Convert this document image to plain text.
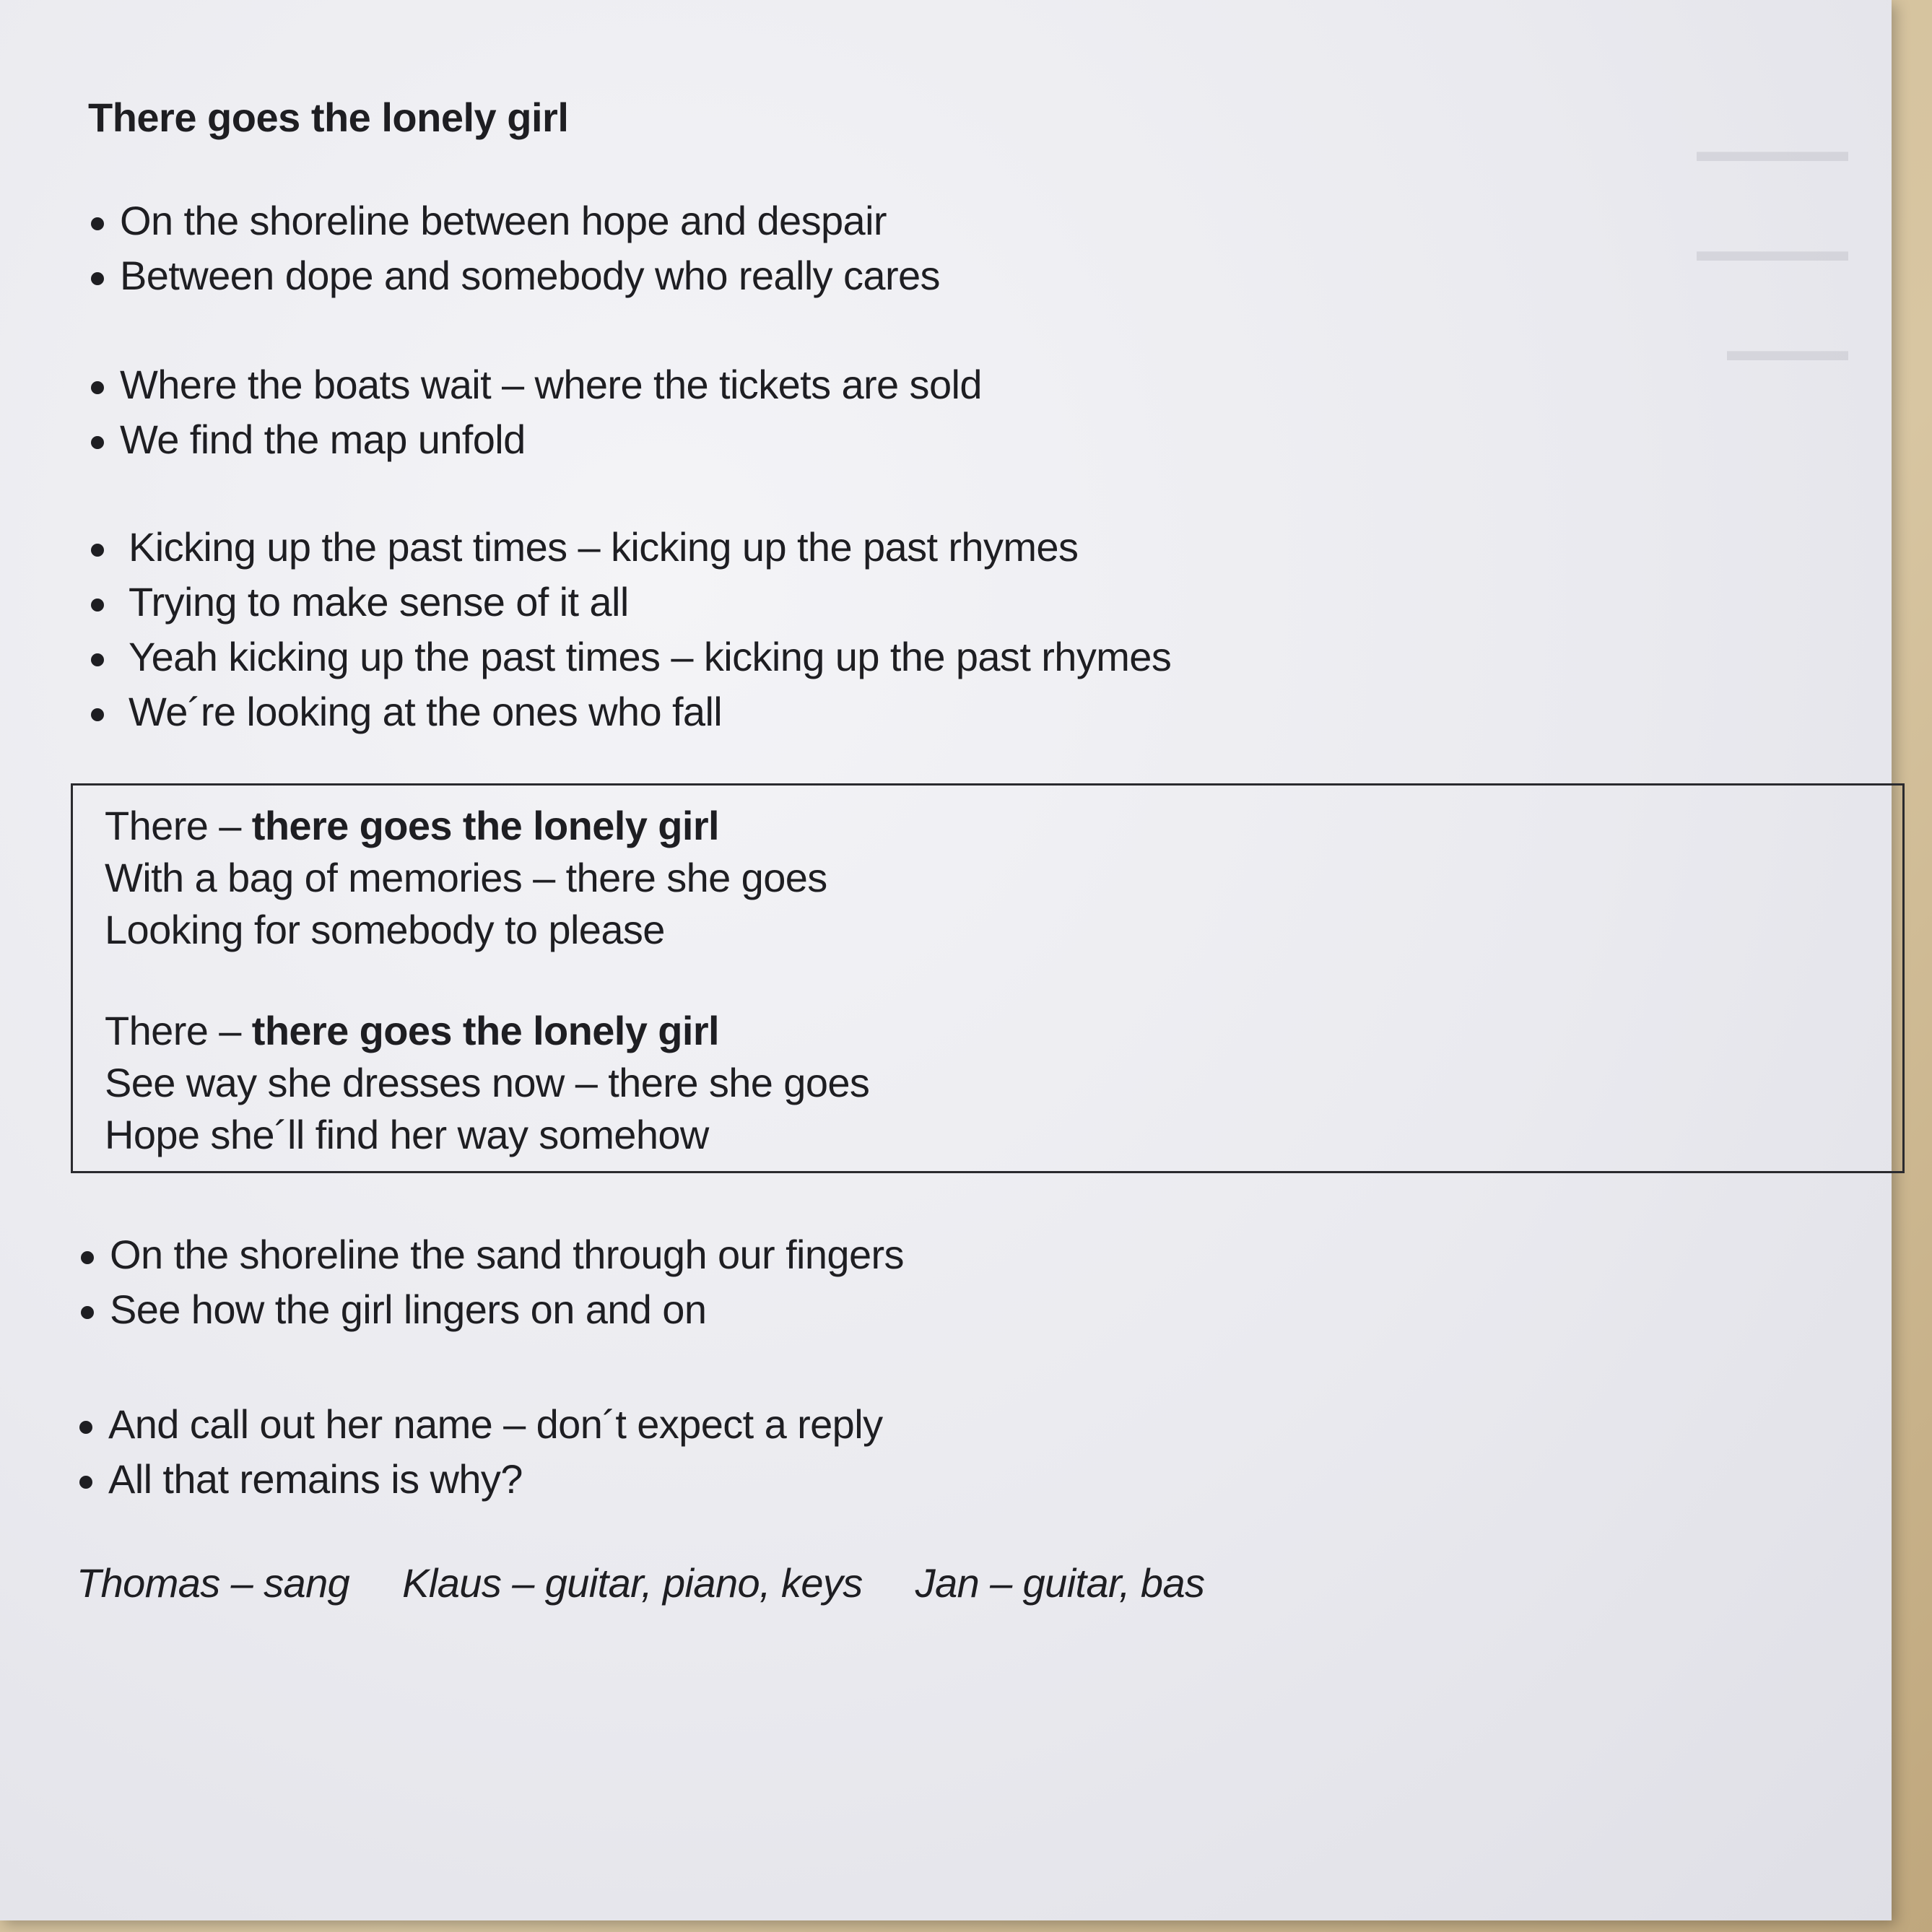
▬▬▬▬▬
▬▬▬▬▬
▬▬▬▬
There goes the lonely girl
On the shoreline between hope and despair
Between dope and somebody who really cares
Where the boats wait – where the tickets are sold
We find the map unfold
Kicking up the past times – kicking up the past rhymes
Trying to make sense of it all
Yeah kicking up the past times – kicking up the past rhymes
We´re looking at the ones who fall
There – there goes the lonely girl
With a bag of memories – there she goes
Looking for somebody to please
There – there goes the lonely girl
See way she dresses now – there she goes
Hope she´ll find her way somehow
On the shoreline the sand through our fingers
See how the girl lingers on and on
And call out her name – don´t expect a reply
All that remains is why?
Thomas – sang Klaus – guitar, piano, keys Jan – guitar, bas
